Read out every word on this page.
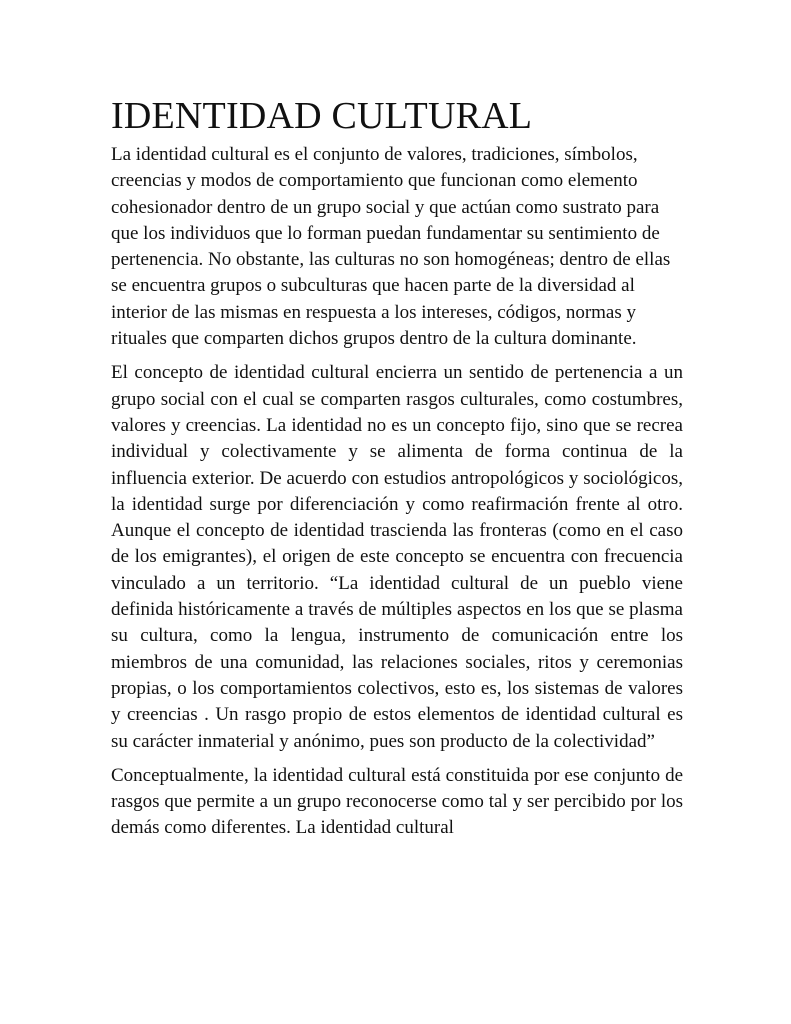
IDENTIDAD CULTURAL

La identidad cultural es el conjunto de valores, tradiciones, símbolos, creencias y modos de comportamiento que funcionan como elemento cohesionador dentro de un grupo social y que actúan como sustrato para que los individuos que lo forman puedan fundamentar su sentimiento de pertenencia. No obstante, las culturas no son homogéneas; dentro de ellas se encuentra grupos o subculturas que hacen parte de la diversidad al interior de las mismas en respuesta a los intereses, códigos, normas y rituales que comparten dichos grupos dentro de la cultura dominante.

El concepto de identidad cultural encierra un sentido de pertenencia a un grupo social con el cual se comparten rasgos culturales, como costumbres, valores y creencias. La identidad no es un concepto fijo, sino que se recrea individual y colectivamente y se alimenta de forma continua de la influencia exterior. De acuerdo con estudios antropológicos y sociológicos, la identidad surge por diferenciación y como reafirmación frente al otro. Aunque el concepto de identidad trascienda las fronteras (como en el caso de los emigrantes), el origen de este concepto se encuentra con frecuencia vinculado a un territorio. “La identidad cultural de un pueblo viene definida históricamente a través de múltiples aspectos en los que se plasma su cultura, como la lengua, instrumento de comunicación entre los miembros de una comunidad, las relaciones sociales, ritos y ceremonias propias, o los comportamientos colectivos, esto es, los sistemas de valores y creencias . Un rasgo propio de estos elementos de identidad cultural es su carácter inmaterial y anónimo, pues son producto de la colectividad”

Conceptualmente, la identidad cultural está constituida por ese conjunto de rasgos que permite a un grupo reconocerse como tal y ser percibido por los demás como diferentes. La identidad cultural
